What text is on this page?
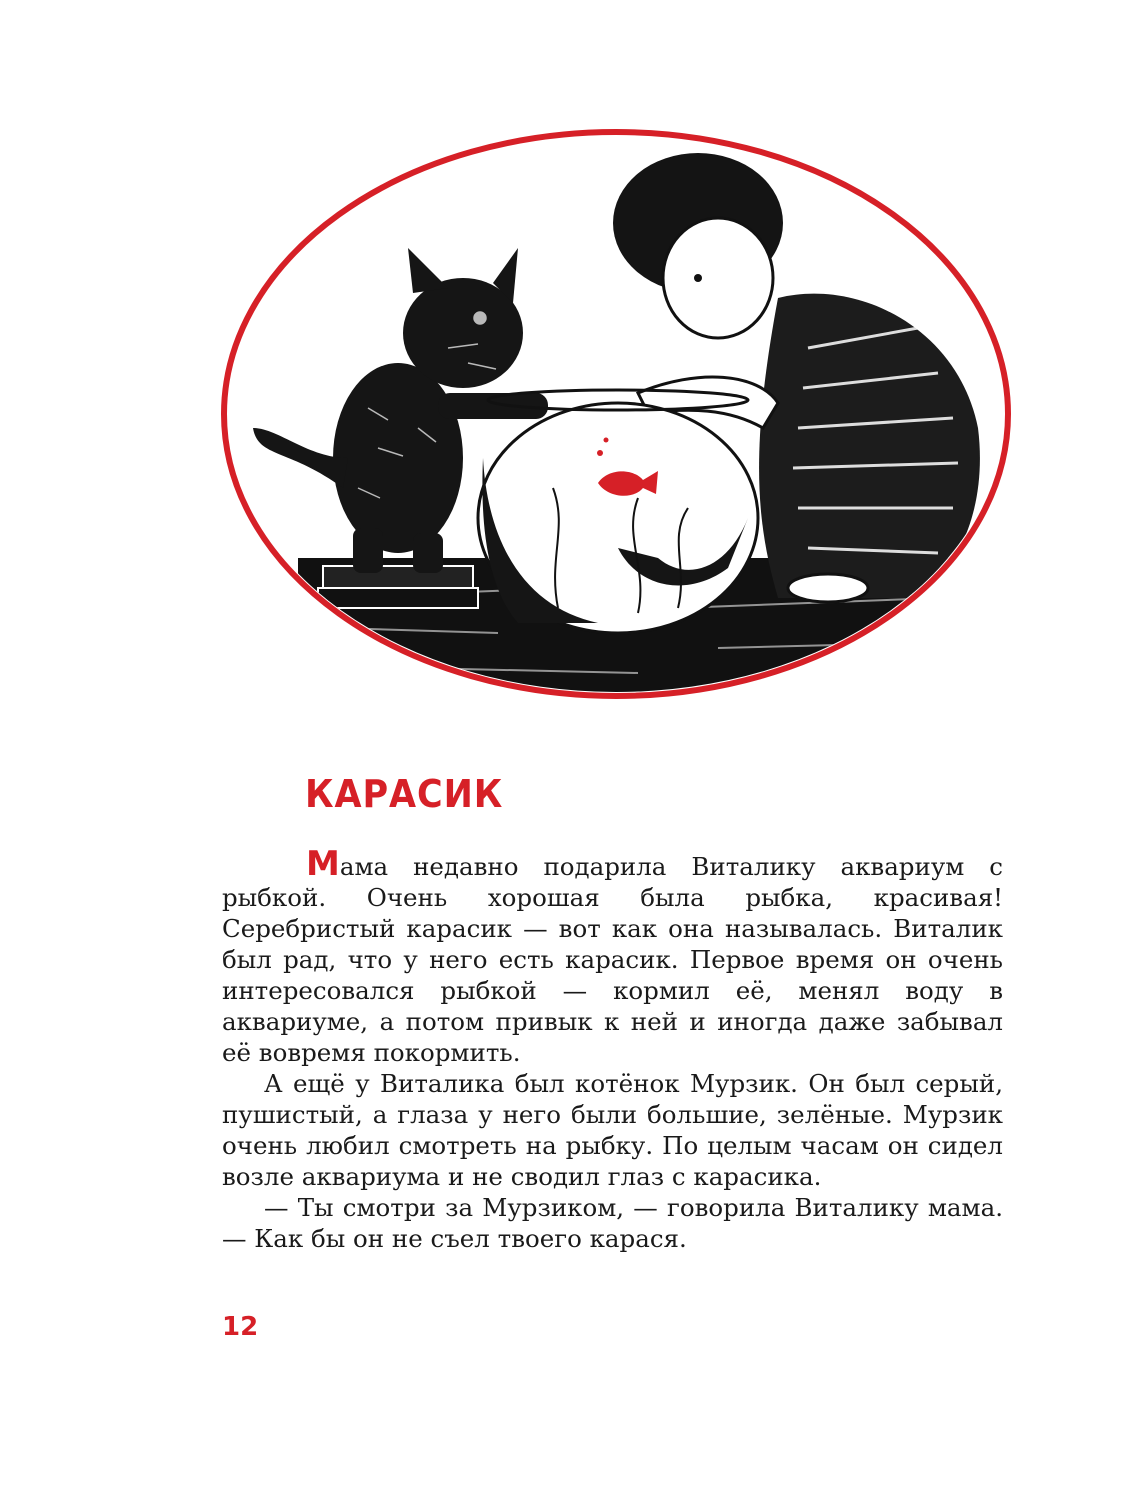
КАРАСИК

Мама недавно подарила Виталику аквариум с рыбкой. Очень хорошая была рыбка, красивая! Серебристый карасик — вот как она называлась. Виталик был рад, что у него есть карасик. Первое время он очень интересовался рыбкой — кормил её, менял воду в аквариуме, а потом привык к ней и иногда даже забывал её вовремя покормить.

А ещё у Виталика был котёнок Мурзик. Он был серый, пушистый, а глаза у него были большие, зелёные. Мурзик очень любил смотреть на рыбку. По целым часам он сидел возле аквариума и не сводил глаз с карасика.

— Ты смотри за Мурзиком, — говорила Виталику мама. — Как бы он не съел твоего карася.

12
